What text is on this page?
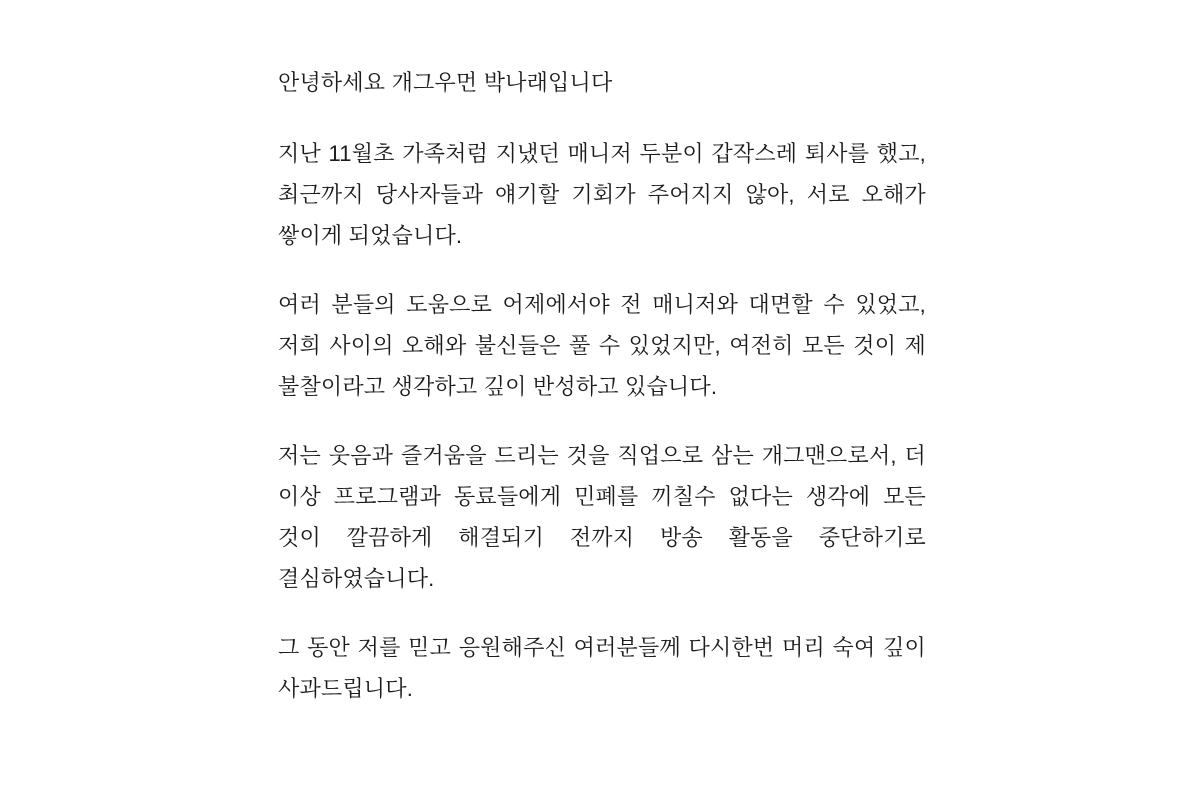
안녕하세요 개그우먼 박나래입니다

지난 11월초 가족처럼 지냈던 매니저 두분이 갑작스레 퇴사를 했고, 최근까지 당사자들과 얘기할 기회가 주어지지 않아, 서로 오해가 쌓이게 되었습니다.

여러 분들의 도움으로 어제에서야 전 매니저와 대면할 수 있었고, 저희 사이의 오해와 불신들은 풀 수 있었지만, 여전히 모든 것이 제 불찰이라고 생각하고 깊이 반성하고 있습니다.

저는 웃음과 즐거움을 드리는 것을 직업으로 삼는 개그맨으로서, 더 이상 프로그램과 동료들에게 민폐를 끼칠수 없다는 생각에 모든 것이 깔끔하게 해결되기 전까지 방송 활동을 중단하기로 결심하였습니다.

그 동안 저를 믿고 응원해주신 여러분들께 다시한번 머리 숙여 깊이 사과드립니다.
